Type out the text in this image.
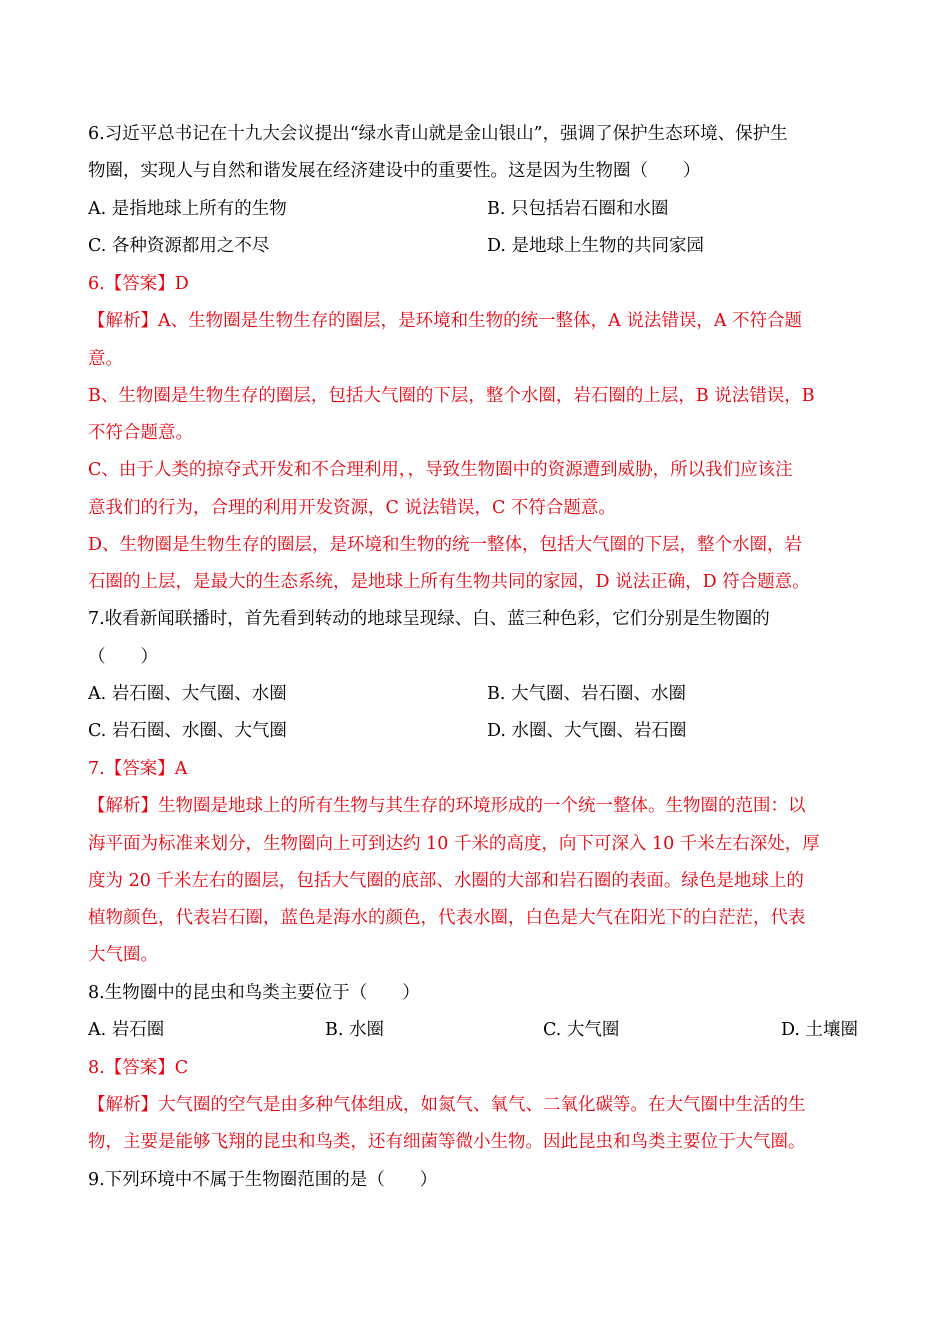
6.习近平总书记在十九大会议提出“绿水青山就是金山银山”，强调了保护生态环境、保护生
物圈，实现人与自然和谐发展在经济建设中的重要性。这是因为生物圈（　　）
A. 是指地球上所有的生物	B. 只包括岩石圈和水圈
C. 各种资源都用之不尽	D. 是地球上生物的共同家园
6.【答案】D
【解析】A、生物圈是生物生存的圈层，是环境和生物的统一整体，A 说法错误，A 不符合题
意。
B、生物圈是生物生存的圈层，包括大气圈的下层，整个水圈，岩石圈的上层，B 说法错误，B
不符合题意。
C、由于人类的掠夺式开发和不合理利用，，导致生物圈中的资源遭到威胁，所以我们应该注
意我们的行为，合理的利用开发资源，C 说法错误，C 不符合题意。
D、生物圈是生物生存的圈层，是环境和生物的统一整体，包括大气圈的下层，整个水圈，岩
石圈的上层，是最大的生态系统，是地球上所有生物共同的家园，D 说法正确，D 符合题意。
7.收看新闻联播时，首先看到转动的地球呈现绿、白、蓝三种色彩，它们分别是生物圈的
（　　）
A. 岩石圈、大气圈、水圈	B. 大气圈、岩石圈、水圈
C. 岩石圈、水圈、大气圈	D. 水圈、大气圈、岩石圈
7.【答案】A
【解析】生物圈是地球上的所有生物与其生存的环境形成的一个统一整体。生物圈的范围：以
海平面为标准来划分，生物圈向上可到达约 10 千米的高度，向下可深入 10 千米左右深处，厚
度为 20 千米左右的圈层，包括大气圈的底部、水圈的大部和岩石圈的表面。绿色是地球上的
植物颜色，代表岩石圈，蓝色是海水的颜色，代表水圈，白色是大气在阳光下的白茫茫，代表
大气圈。
8.生物圈中的昆虫和鸟类主要位于（　　）
A. 岩石圈	B. 水圈	C. 大气圈	D. 土壤圈
8.【答案】C
【解析】大气圈的空气是由多种气体组成，如氮气、氧气、二氧化碳等。在大气圈中生活的生
物，主要是能够飞翔的昆虫和鸟类，还有细菌等微小生物。因此昆虫和鸟类主要位于大气圈。
9.下列环境中不属于生物圈范围的是（　　）
